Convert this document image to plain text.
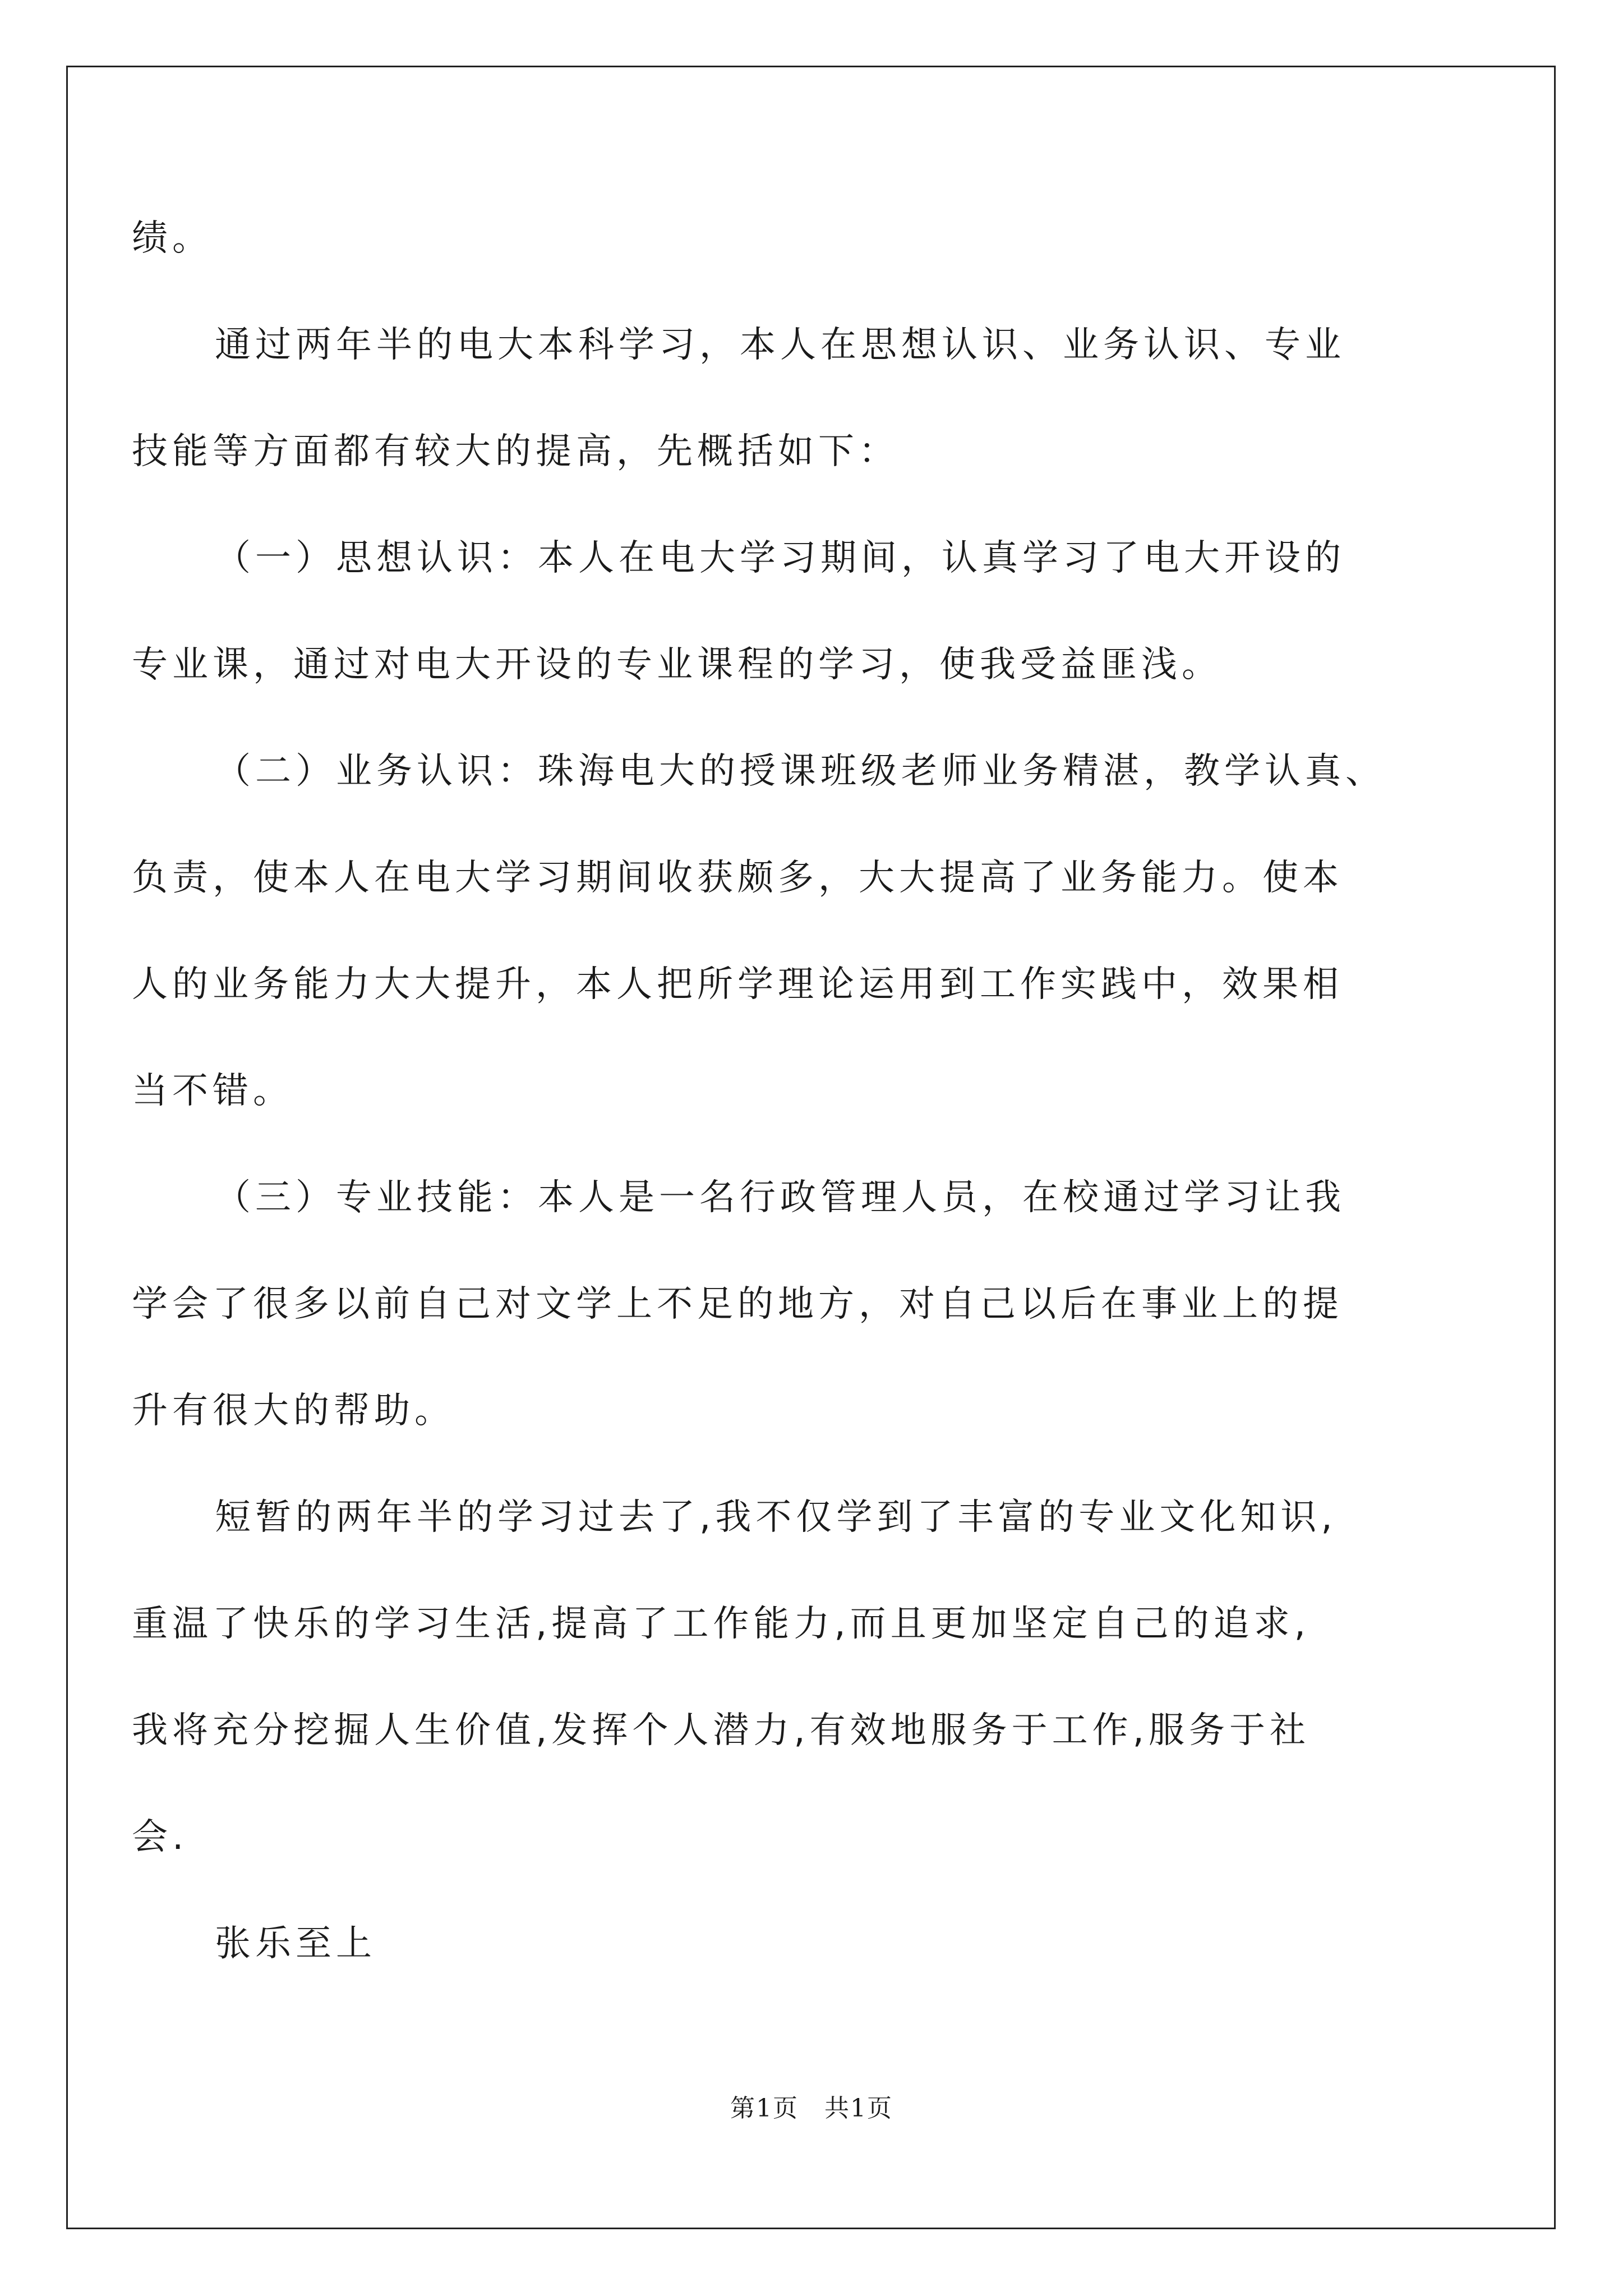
绩。
通过两年半的电大本科学习，本人在思想认识、业务认识、专业
技能等方面都有较大的提高，先概括如下：
（一）思想认识：本人在电大学习期间，认真学习了电大开设的
专业课，通过对电大开设的专业课程的学习，使我受益匪浅。
（二）业务认识：珠海电大的授课班级老师业务精湛，教学认真、
负责，使本人在电大学习期间收获颇多，大大提高了业务能力。使本
人的业务能力大大提升，本人把所学理论运用到工作实践中，效果相
当不错。
（三）专业技能：本人是一名行政管理人员，在校通过学习让我
学会了很多以前自己对文学上不足的地方，对自己以后在事业上的提
升有很大的帮助。
短暂的两年半的学习过去了,我不仅学到了丰富的专业文化知识,
重温了快乐的学习生活,提高了工作能力,而且更加坚定自己的追求,
我将充分挖掘人生价值,发挥个人潜力,有效地服务于工作,服务于社
会.
张乐至上
第1页　共1页
